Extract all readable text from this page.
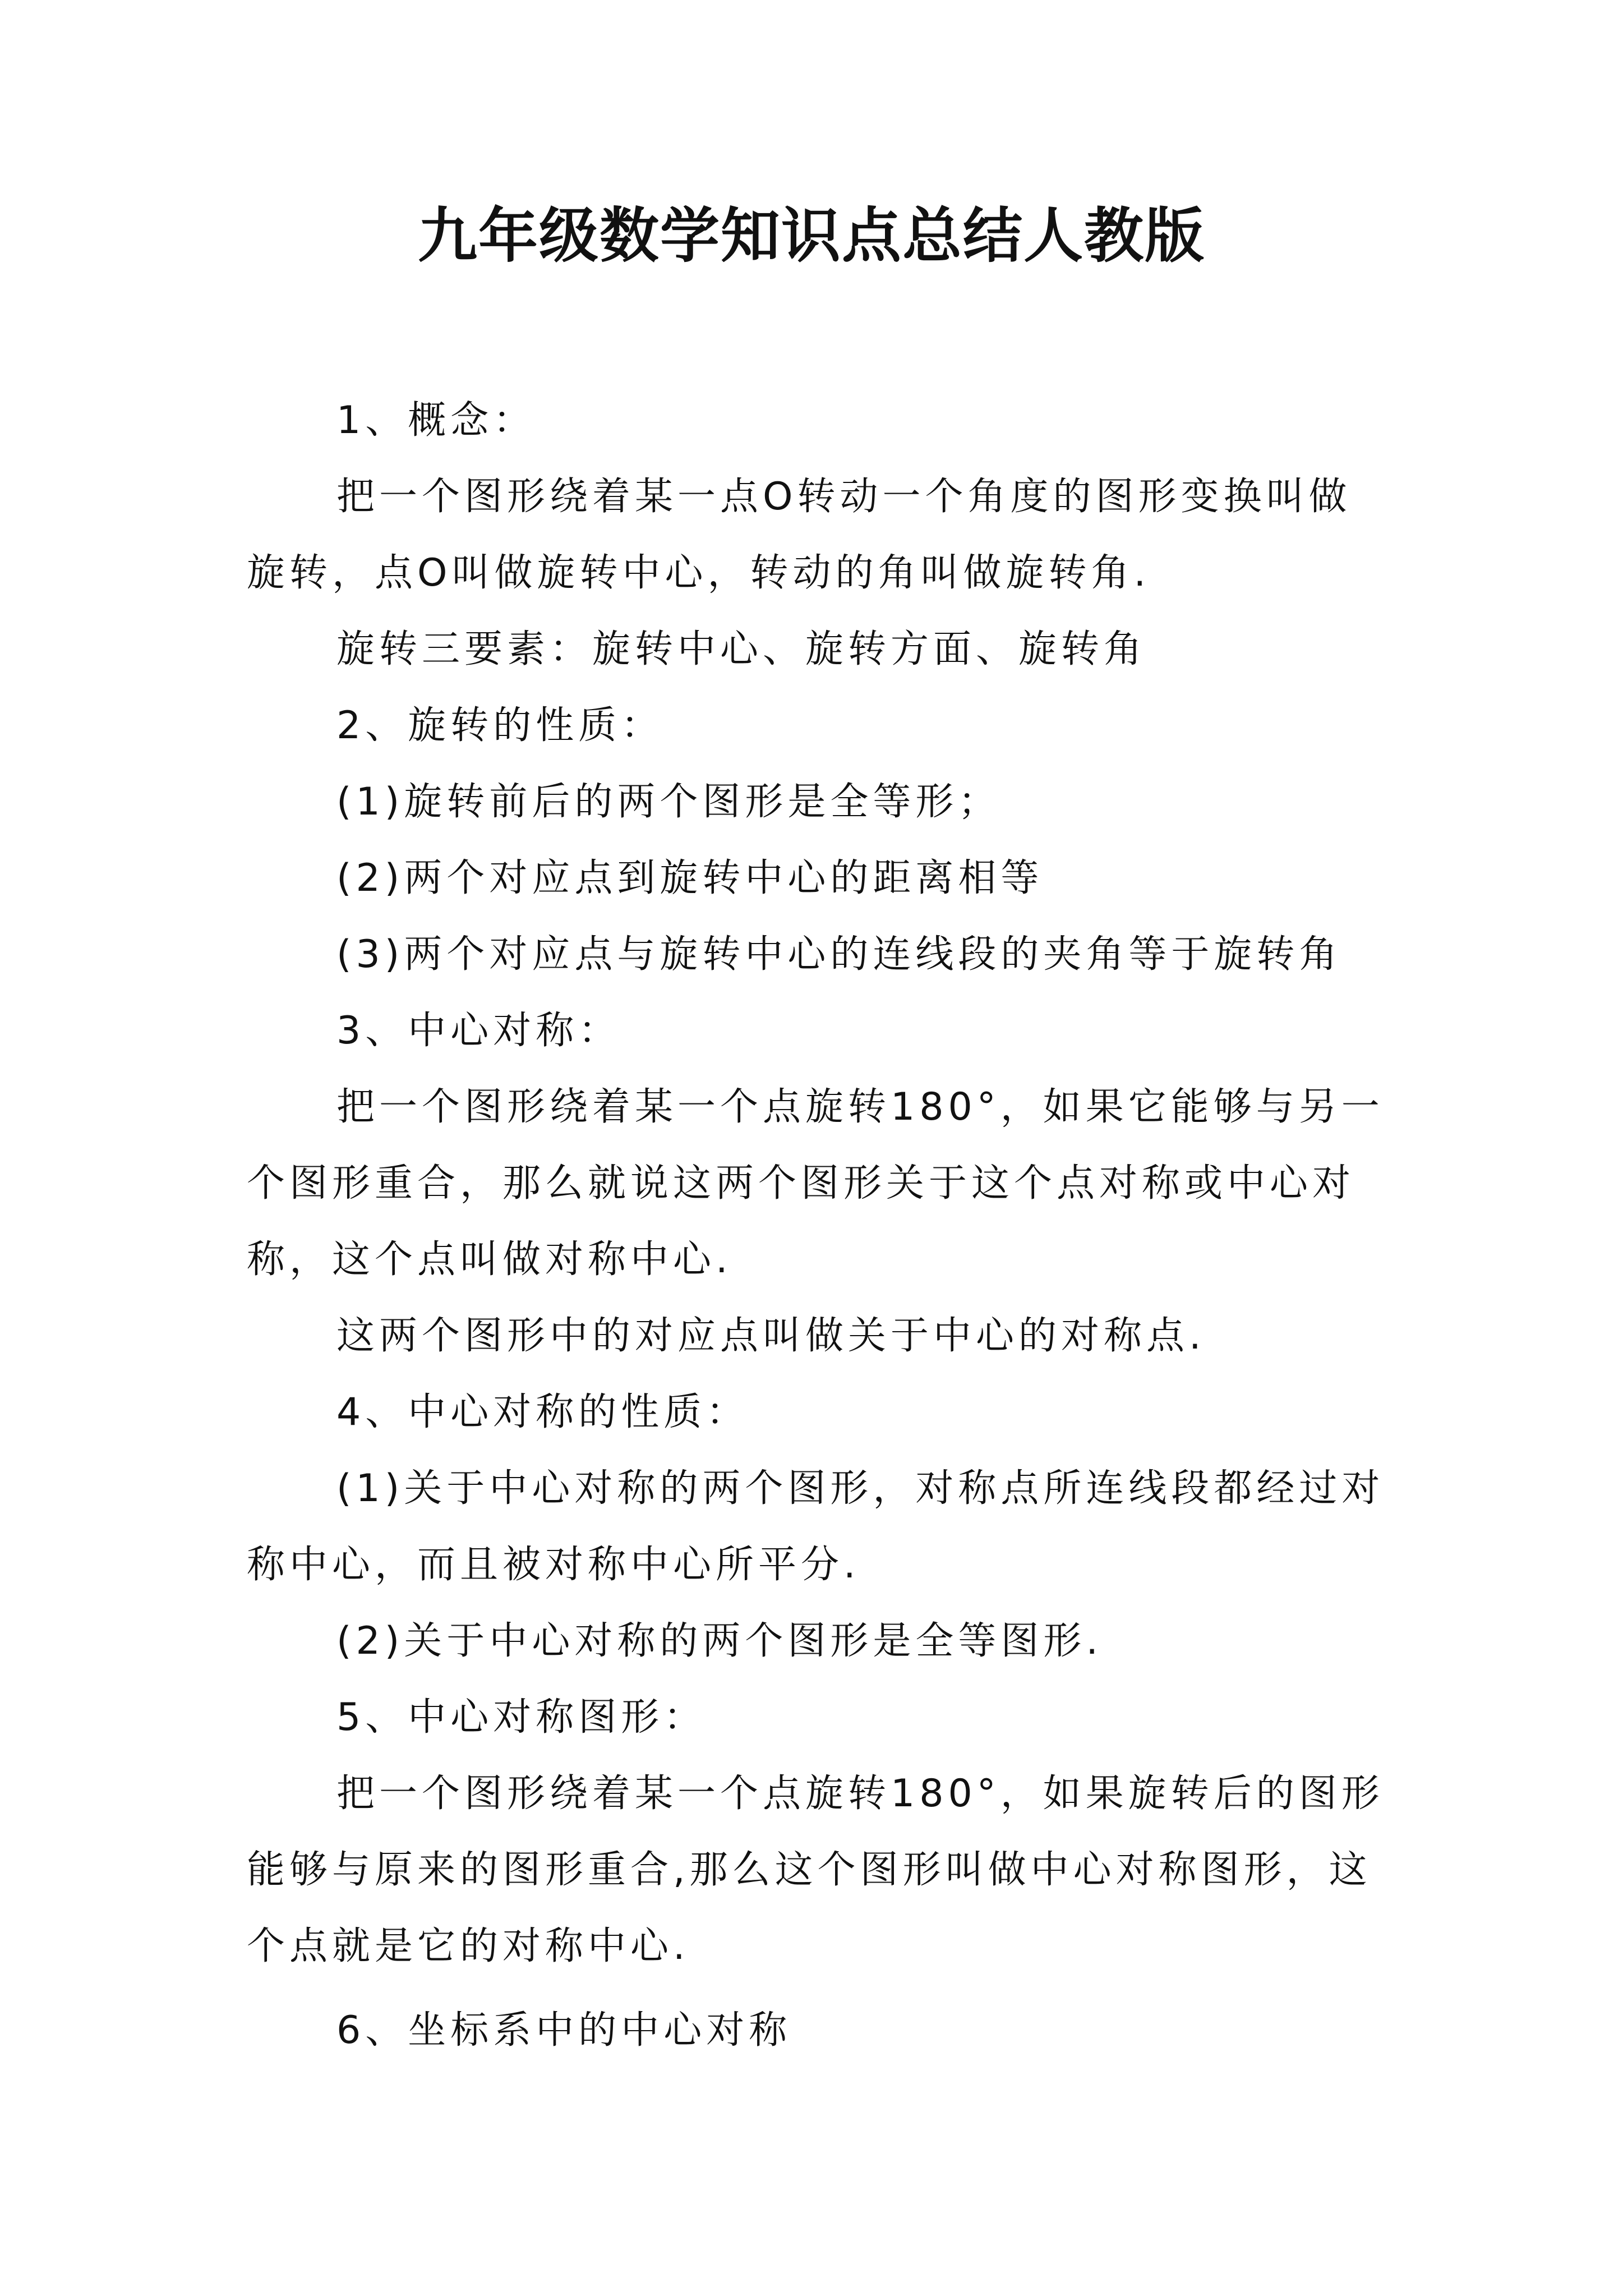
九年级数学知识点总结人教版

1、概念：

把一个图形绕着某一点O转动一个角度的图形变换叫做旋转，点O叫做旋转中心，转动的角叫做旋转角.

旋转三要素：旋转中心、旋转方面、旋转角

2、旋转的性质：

(1)旋转前后的两个图形是全等形；

(2)两个对应点到旋转中心的距离相等

(3)两个对应点与旋转中心的连线段的夹角等于旋转角

3、中心对称：

把一个图形绕着某一个点旋转180°，如果它能够与另一个图形重合，那么就说这两个图形关于这个点对称或中心对称，这个点叫做对称中心.

这两个图形中的对应点叫做关于中心的对称点.

4、中心对称的性质：

(1)关于中心对称的两个图形，对称点所连线段都经过对称中心，而且被对称中心所平分.

(2)关于中心对称的两个图形是全等图形.

5、中心对称图形：

把一个图形绕着某一个点旋转180°，如果旋转后的图形能够与原来的图形重合,那么这个图形叫做中心对称图形，这个点就是它的对称中心.

6、坐标系中的中心对称
